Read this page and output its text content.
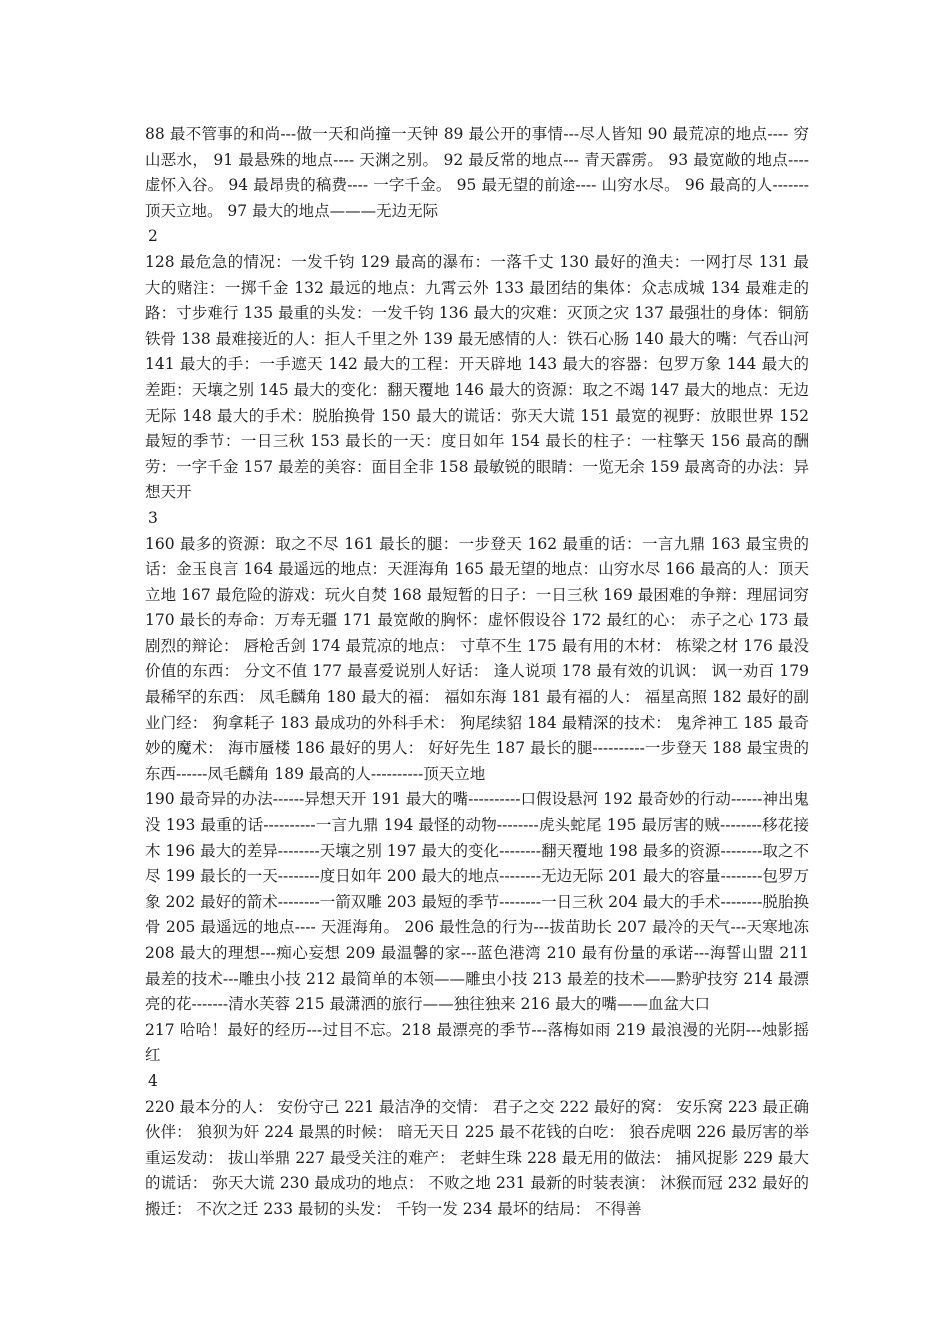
88 最不管事的和尚---做一天和尚撞一天钟 89 最公开的事情---尽人皆知 90 最荒凉的地点---- 穷山恶水， 91 最悬殊的地点---- 天渊之别。 92 最反常的地点--- 青天霹雳。 93 最宽敞的地点---- 虚怀入谷。 94 最昂贵的稿费---- 一字千金。 95 最无望的前途---- 山穷水尽。 96 最高的人------- 顶天立地。 97 最大的地点———无边无际

2

128 最危急的情况：一发千钧 129 最高的瀑布：一落千丈 130 最好的渔夫：一网打尽 131 最大的赌注：一掷千金 132 最远的地点：九霄云外 133 最团结的集体：众志成城 134 最难走的路：寸步难行 135 最重的头发：一发千钧 136 最大的灾难：灭顶之灾 137 最强壮的身体：铜筋铁骨 138 最难接近的人：拒人千里之外 139 最无感情的人：铁石心肠 140 最大的嘴：气吞山河 141 最大的手：一手遮天 142 最大的工程：开天辟地 143 最大的容器：包罗万象 144 最大的差距：天壤之别 145 最大的变化：翻天覆地 146 最大的资源：取之不竭 147 最大的地点：无边无际 148 最大的手术：脱胎换骨 150 最大的谎话：弥天大谎 151 最宽的视野：放眼世界 152 最短的季节：一日三秋 153 最长的一天：度日如年 154 最长的柱子：一柱擎天 156 最高的酬劳：一字千金 157 最差的美容：面目全非 158 最敏锐的眼睛：一览无余 159 最离奇的办法：异想天开

3

160 最多的资源：取之不尽 161 最长的腿：一步登天 162 最重的话：一言九鼎 163 最宝贵的话：金玉良言 164 最遥远的地点：天涯海角 165 最无望的地点：山穷水尽 166 最高的人：顶天立地 167 最危险的游戏：玩火自焚 168 最短暂的日子：一日三秋 169 最困难的争辩：理屈词穷 170 最长的寿命：万寿无疆 171 最宽敞的胸怀：虚怀假设谷 172 最红的心： 赤子之心 173 最剧烈的辩论： 唇枪舌剑 174 最荒凉的地点： 寸草不生 175 最有用的木材： 栋梁之材 176 最没价值的东西： 分文不值 177 最喜爱说别人好话： 逢人说项 178 最有效的讥讽： 讽一劝百 179 最稀罕的东西： 凤毛麟角 180 最大的福： 福如东海 181 最有福的人： 福星高照 182 最好的副业门经： 狗拿耗子 183 最成功的外科手术： 狗尾续貂 184 最精深的技术： 鬼斧神工 185 最奇妙的魔术： 海市蜃楼 186 最好的男人： 好好先生 187 最长的腿----------一步登天 188 最宝贵的东西------凤毛麟角 189 最高的人----------顶天立地

190 最奇异的办法------异想天开 191 最大的嘴----------口假设悬河 192 最奇妙的行动------神出鬼没 193 最重的话----------一言九鼎 194 最怪的动物--------虎头蛇尾 195 最厉害的贼--------移花接木 196 最大的差异--------天壤之别 197 最大的变化--------翻天覆地 198 最多的资源--------取之不尽 199 最长的一天--------度日如年 200 最大的地点--------无边无际 201 最大的容量--------包罗万象 202 最好的箭术--------一箭双雕 203 最短的季节--------一日三秋 204 最大的手术--------脱胎换骨 205 最遥远的地点---- 天涯海角。 206 最性急的行为---拔苗助长 207 最冷的天气---天寒地冻 208 最大的理想---痴心妄想 209 最温馨的家---蓝色港湾 210 最有份量的承诺---海誓山盟 211 最差的技术---雕虫小技 212 最简单的本领——雕虫小技 213 最差的技术——黔驴技穷 214 最漂亮的花-------清水芙蓉 215 最潇洒的旅行——独往独来 216 最大的嘴——血盆大口

217 哈哈！最好的经历---过目不忘。218 最漂亮的季节---落梅如雨 219 最浪漫的光阴---烛影摇红

4

220 最本分的人： 安份守己 221 最洁净的交情： 君子之交 222 最好的窝： 安乐窝 223 最正确伙伴： 狼狈为奸 224 最黑的时候： 暗无天日 225 最不花钱的白吃： 狼吞虎咽 226 最厉害的举重运发动： 拔山举鼎 227 最受关注的难产： 老蚌生珠 228 最无用的做法： 捕风捉影 229 最大的谎话： 弥天大谎 230 最成功的地点： 不败之地 231 最新的时装表演： 沐猴而冠 232 最好的搬迁： 不次之迁 233 最韧的头发： 千钧一发 234 最坏的结局： 不得善
